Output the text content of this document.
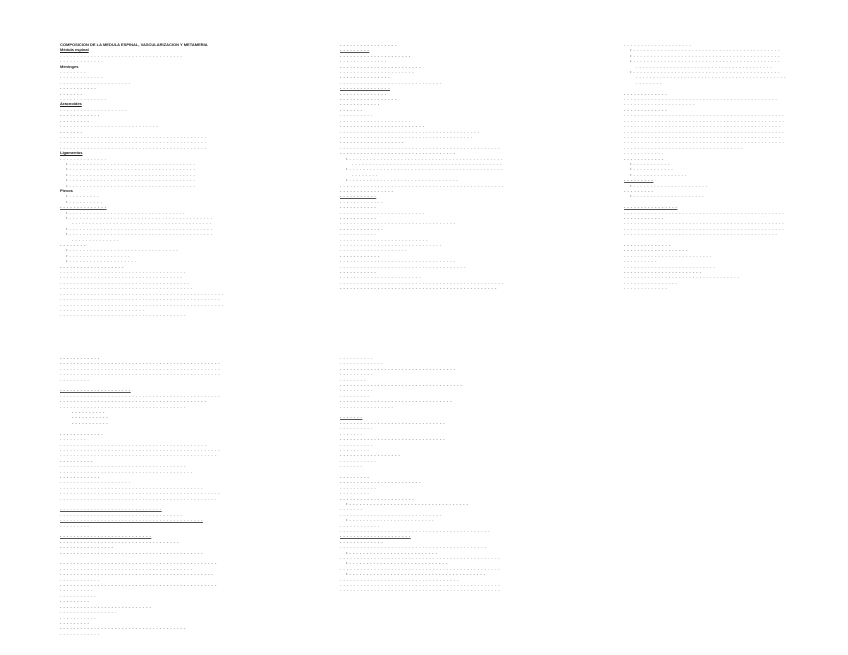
COMPOSICION DE LA MEDULA ESPINAL, VASCULARIZACION Y METAMERIA
Médula espinal
- - - - - - - - - - - - - - - - - - - - - - - - - - - - - - - - - - - -
- - - - - - - - - - - - -
Meninges
- - - - - - - -
- - - - - - - - - - - - -
- - - - - - - - - - - - - - - - - - - - -
- - - - - - - - - - -
- - - - - - -
- - - - - - - - - - - - - -
Aracnoides
- - - - - - - - - - - - - - - - - - - -
- - - - - - - - - - - -
- - - - - - - - -
- - - - - - - - - - - - - - - - - - - - - - - - - - - - -
- - - - - - -
- - - - - - - - - - - - - - - - - - - - - - - - - - - - - - - - - - - - - - - - - - -
- - - - - - - - - - - - - - - - - - - - - - - - - - - - - - - - - - - - - - - - - - -
- - - - - - - - - - - - - - - - - - - - - - - - - - - - - - - - - - - - - - - - - - -
Ligamentos
- - - - - - - - - - - - - -
• - - - - - - - - - - - - - - - - - - - - - - - - - - - - - - - - - - - - -
• - - - - - - - - - - - - - - - - - - - - - - - - - - - - - - - - - - - - -
• - - - - - - - - - - - - - - - - - - - - - - - - - - - - - - - - - - - - -
• - - - - - - - - - - - - - - - - - - - - - - - - - - - - - - - - - - - - -
• - - - - - - - - - - - - - - - - - - - - - - - - - - - - - - - - - - - - -
Plexos
• - - - - - - - - -
• - - - - - - - - - -
- - - - - - - - - - - - - -
• - - - - - - - - - - - - - - - - - - - - - - - - - - - - - - - - - -
• - - - - - - - - - - - - - - - - - - - - - - - - - - - - - - - - - - - - - - - - - -
- - - - - - - - - - - - - - - - - - - - - - - - - - - - - - - - - - - - - - - - -
• - - - - - - - - - - - - - - - - - - - - - - - - - - - - - - - - - - - - - - - - - -
• - - - - - - - - - - - - - - - - - - - - - - - - - - - - - - - - - - - - - - - - - -
- - - - - - - - - - - - - -
- - - - - - - -
• - - - - - - - - - - - - - - - - - - - - - - - - - - - - - - - -
• - - - - - - - - - - - - - - - - - -
• - - - - - - - - - - - - - - - - - - - -
- - - - - - - - - - - - - - - - - - -
- - - - - - - - - - - - - - - - - - - - - - - - - - - - - - - - - - - - -
- - - - - - - - - - - - - - - - - - - - - - - - - - - - - - - - - - - -
- - - - - - - - - - - - - - - - - - - - - - - - - - - - - - - - - - - - - -
- - - - - - - - - - - - - - - - - - - - - - - - - - - - - - - - - - - - - - -
- - - - - - - - - - - - - - - - - - - - - - - - - - - - - - - - - - - - - - - - - - - - - - - -
- - - - - - - - - - - - - - - - - - - - - - - - - - - - - - - - - - - - - - - - - - - - - - -
- - - - - - - - - - - - - - - - - - - - - - - - - - - - - - - - - - - - - - - - - - - - - - - -
- - - - - - - - - - - - - - - - - - - - - - - - -
- - - - - - - - - - - - - - - - - - - - - - - - - - - - - - - - - - - - -
- - - - - - - - - - - - - - - - -
- - - - - - - - -
- - - - - - - - - - - - - - - - - - - - -
- - - - - - - - - - - - - -
- - - - - - - - - - - - - - - - - - - - - - - -
- - - - - - - - - - - - - - - - - - - - - -
- - - - - - - - - - - - - - -
- - - - - - - - - - - - - - - - - - - - - - - - - - - - - -
- - - - - - - - - - - - - - -
- - - - - - - - - - - - - -
- - - - - - - - - - - - - - - - -
- - - - - - - - - - - -
- - - - - - -
- - - - - - - - - -
- - - - - - - - - - - - - - - - - - - - -
- - - - - - - - - - - - - - - - - - - - - - - - -
- - - - - - - - - - - - - - - - - - - - - - - - - - - - - - - - - - - - - - - - -
- - - - - - - - - - - - - - - - - - - - - - - - - - - - - - - - - - - - - - -
- - - - - - - - - - - - - - - - - - -
- - - - - - - - - - - - - - - - - - - - - - - - - - - - - - - - - - - - - - - - - - - - - - -
- - - - - - - - - - - - - - - - - - - - - - - - - - - - - - - - - -
• - - - - - - - - - - - - - - - - - - - - - - - - - - - - - - - - - - - - - - - - - - - - -
- - - - - - - - - - - - - - - - - - - - - - - - - - - - - - - - - - - - - - - - - - - -
• - - - - - - - - - - - - - - - - - - - - - - - - - - - - - - - - - - - - - - - - - - - - -
- - - - - - - -
• - - - - - - - - - - - - - - - - - - - - - - - - - - - - - - - -
- - - - - - - - - - - - - - - - - - - - - - - - - - - - - - - - - - - - - - - - - - - - - - - -
- - - - - - - - - - - - - - - -
- - - - - - - - - - -
- - - - - - - - - - - - -
- - - - - - - - - - -
- - - - - - - - - - - - - - - - - - - - - - - - -
- - - - - - - - - - -
- - - - - - - - - - - - - - - - - - - - - - - - - - - - - - - - - -
- - - - - - - - - - - - -
- - - - - - - - - - -
- - - - - - - - - - - - - - - - - - - - - - - - - -
- - - - - - - - - - - - - - - - - - - - - - - - - - - - - -
- - - - - - - - - - - - - - - - - - - -
- - - - - - - - - - - -
- - - - - - - - - - - - - - - - - - - - - - - - - - - - - - - - - -
- - - - - - - - - - - - - - - - - - - - - - - - - - - - - - - - - - - - -
- - - - - - - - - - -
- - - - - - - - - - - - - - - - - - - - - - - -
- - - - - - - - - - - - - - - - - - - - - - - - - - - - - - - - - - - - - - - - - - - - - - - -
- - - - - - - - - - - - - - - - - - - - - - - - - - - - - - - - - - - - - - - - - - - - - -
- - - - - - - - - - - - - - - - - - - -
• - - - - - - - - - - - - - - - - - - - - - - - - - - - - - - - - - - - - - - - - - - -
• - - - - - - - - - - - - - - - - - - - - - - - - - - - - - - - - - - - - - - - - - - -
• - - - - - - - - - - - - - - - - - - - - - - - - - - - - - - - - - - - - - - - - - - -
- - - - - - - - - - - - - - - - - - - - - - - - - - - - - - - - - - - - - - - -
• - - - - - - - - - - - - - - - - - - - - - - - - - - - - - - - - - - - - - - - - - - -
- - - - - - - - - - - - - - - - - - - - - - - - - - - - - - - - - - - - - - - - - - - -
- - - - - - - -

- - - - - - - - - - - - -
- - - - - - - - - - - - - - - - - - - - - - - - - - - - - - - - - - - - - - - - - - - - -
- - - - - - - - - - - - - - - - - - - - -
- - - - - - - - - - - - -
- - - - - - - - - - - - - - - - - - - - - - - - - - - - - - - - - - - - - - - - - - - - - - -
- - - - - - - - - - - - - - - - - - - - - - - - - - - - - - - - - - - - - - - - - - - - - - -
- - - - - - - - - - - - - - - - - - - - - - - - - - - - - - - - - - - - - - - - - - - - - -
- - - - - - - - - - - - - - - - - - - - - - - - - - - - - - - - - - - - - - - - - - - - - - -
- - - - - - - - - - - - - - - - - - - - - - - - - - - - - - - - - - - - - - - - - - - - - -
- - - - - - - - - - - - - - - - - - - - - - - - - - - - - - - - - - - - - - - - - - - - - - -
- - - - - - - - - - - - - - - - - - - - - - - - - - - - - - - - - - -
- - - - - - - - - - - -
- - - - - - - - - - - -
• - - - - - - - - - - -
• - - - - - - - - - - - -
• - - - - - - - - - - - - - - - -
- - - - - - - - -
• - - - - - - - - - - - - - - - - - - - - - -
- - - - - - - - -
• - - - - - - - - - - - - - - - - - - - - -

- - - - - - - - - - - - - - - -
- - - - - - - - - - - - - - - - - - - - - - - - - - - - - - - - - - - - - - - - - - - - - - -
- - - - - - - - - - - -
- - - - - - - - - - - - - - - - - - - - - - - - - - - - - - - - - - - - - - - - - - - - - - -
- - - - - - - - - - - - - - - - - - - - - - - - - - - - - - - - - - - - - - - - - - - - - - -
- - - - - - - - - - - - - - - - - - - - - - - - - - - - - - - - - - - - - - - - - - - - -

- - - - - - - - - - - - - -
- - - - - - - - - - - - - - - - - - -
- - - - - - - - - - - - - - - - - - - - - - - - - -
- - - - - - - - - -
- - - - - - - - - - - - - - - - - - - - - - - - - - -
- - - - - - - - - - - - - - - - - - - - - - -
- - - - - - - - - - - - - - - - - - - - - - - - - - - - - - - - - -
- - - - - - - - - - - - - - - -
- - - - - - - - - - - - -
- - - - - - - - - - - -
- - - - - - - - - - - - - - - - - - - - - - - - - - - - - - - - - - - - - - - - - - - - - - -
- - - - - - - - - - - - - - - - - - - - - - - - - - - - - - - - - - - - - - - - - - - - - - -
- - - - - - - - - - - - - - - - - - - - - - - - - - - - - - - - - - - - - - - - - - - - - - -
- - - - - - - - -

- - - - - - - - - - - - - - - - - - - - -
- - - - - - - - - - - - - - - - - - - - - - - - - - - - - - - - - - - - - - - - - - - - - - -
- - - - - - - - - - - - - - - - - - - - - - - - - - - - - - - - - - - - - - - - - - -
- - - - - - - - - - - - - - - - - - - - - - - - - - - - - - - - - - - - -
- - - - - - - - - -
- - - - - - - - - - -
- - - - - - - - - - -

- - - - - - - - - - - - -
- - - - - - - -
- - - - - - - - - - - - - - - - - - - - - - - - - - - - - - - - - - - - - - - - - - -
- - - - - - - - - - - - - - - - - - - - - - - - - - - - - - - - - - - - - - - - - - - - - - -
- - - - - - - - - - - - - - - - - - - - - - - - - - - - - - - - - - - - - - - - - - - - - -
- - - - - - - - - -
- - - - - - - - - - - - - - - - - - - - - - - - - - - - - - - - - - - - -
- - - - - - - - - - - - - - - - - - - - - - - - - - - - - - - - - - - - - - -
- - - - - - - - - - - -
- - - - - - - - - - - - - - - - - - - - -
- - - - - - - - - - - - - - - - - - - - - - - - - - - - - - - - - - - - - - - - - -
- - - - - - - - - - - - - - - - - - - - - - - - - - - - - - - - - - - - - - - - - - - - - - -
- - - - - - - - - - - - - - - - - - - - - - - - - - - - - - - - - - - - - - - - - - - - - -

- - - - - - - - - - - - - - - - - - - - - - - - - - - - - -
- - - - - - - - - - - - - - - - - - - - - - - - - - - - - - - - - - - -
- - - - - - - - - - - - - - - - - - - - - - - - - - - - - - - - - - - - - - - - - -
- - - - - - - - -

- - - - - - - - - - - - - - - - - - - - - - - - - - -
- - - - - - - - - - - - - - - - - - - - - - - - - - - - - - - - - - -
- - - - - - - - - - - - - - - -
- - - - - - - - - - - - - - - - - - - - - - - - - - - - - - - - - - - - - - - - - -

- - - - - - - - - - - - - - - - - - - - - - - - - - - - - - - - - - - - - - - - - - - - - -
- - - - - - - - - - - - - - - - - - - - - - - - - - - - - - - - - - - - - - -
- - - - - - - - - - - - - - - - - - - - - - - - - - - - - - - - - - - - - - - - - - - - -
- - - - - - - - - - - -
- - - - - - - - - - - - - - - - - - - - - - - - - - - - - - - - - - - - - - - - - - - - - -
- - - - - - - - - -
- - - - - - - - - - -
- - - - - - - - -
- - - - - - - - - - - - - - - - - - - - - - - - - - -
- - - - - - - - - - - - - - - - -
- - - - - - - - - - -
- - - - - - - - -
- - - - - - - - - - - - - - - - - - - - - - - - - - - - - - - - - - - - -
- - - - - - - - - - - -
- - - - - - - - - -
- - - - - - - - - - - - -
- - - - - - - - - - - - - - - - - - - - - - - - - - - - - - - - - -
- - - - - - - - - -
- - - - - - - -
- - - - - - - - - - - - - - - - - - - - - - - - - - - - - - - - - - - -
- - - - - - - - - -
- - - - - - - - -
- - - - - - - - - - - - - - - - - - - - - - - - - - - - - - - - -
- - - - - - - - - - - - - - - -

- - - - - - -
- - - - - - - - - - - - - - - - - - - - - - - - - - - - - - -
- - - - - - - - - -
- - - - - - -
- - - - - - - - - - - - - - - - - - - - - - - - - - - - - - -
- - - - - - - - - -
- - - - - - - - -
- - - - - - - - - - - - - - - - - -
- - - - - - - - - - -
- - - - - - -

- - - - - - - - -
- - - - - - - - - - - - - - - - - - - - - - - -
- - - - - - - - - - -
- - - - - - - - -
- - - - - - - - - - - - - - - - - - - - - -
• - - - - - - - - - - - - - - - - - - - - - - - - - - - - - - - - - - -
- - - - - - -
- - - - - - - - - - - - - - - - - - - - - - - - - - - - - -
• - - - - - - - - - - - - - - - - - - - - - - - - -
- - - - - - - - - - - -
- - - - - - - - - - - - - - - - - - - - - - - - - - - - - - - - - - - - - - - - - - - -
- - - - - - - - - - - - - - - - - - - - -
- - - - - - - - - - - - -
- - - - - - - - - - - - - - - - - - - - - - - - - - - - - - - - - - - - - - - - - - -
• - - - - - - - - - - - - - - - - - - - - - - - - - -
- - - - - - - - - - - - - - - - - - - - - - - - - - - - - - - - - - - - - - - - - - - - - - -
• - - - - - - - - - - - - - - - - - - - - - - - - - - - - -
- - - - - - - - - - - - - - - - - - - - - - - - - - - - - - - - - - - - - - - - - - - - - - -
• - - - - - - - - - - - - - - - - - - - - - - - - - - - - - - - - - - - - - - - -
- - - - - - - - - - - - - - - - - - - - - - - - - - - - - - - - - - -
- - - - - - - - - - - - - - - - - - - - - - - - - - - - - - - - - - - - - - - - - - - - - - -
- - - - - - - - - - - - - - - - - - - - - - - - - - - - - - - - - - - - - - - - - - - - - - -
